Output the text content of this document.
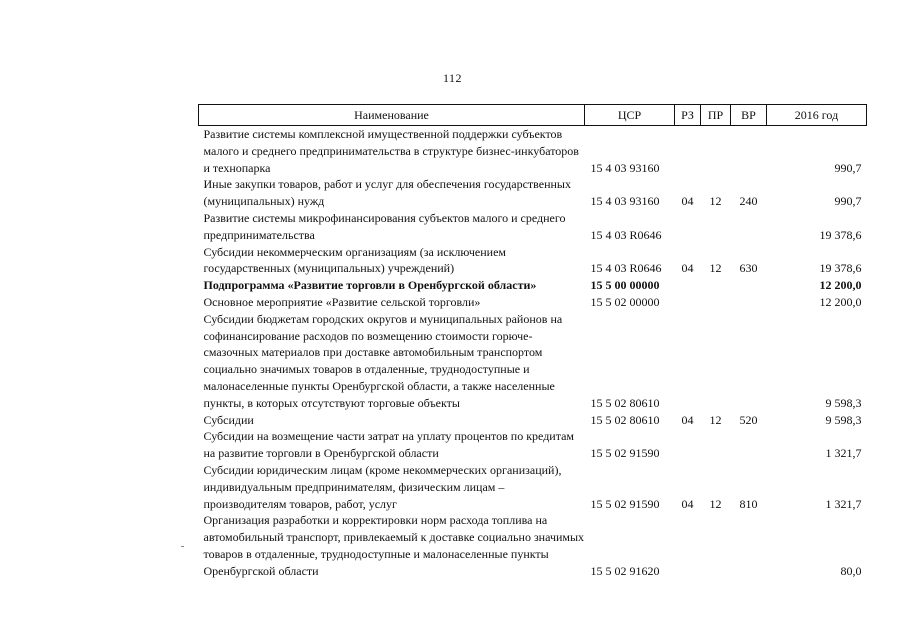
112
Наименование	ЦСР	РЗ	ПР	ВР	2016 год
Развитие системы комплексной имущественной поддержки субъектов малого и среднего предпринимательства в структуре бизнес-инкубаторов и технопарка	15 4 03 93160				990,7
Иные закупки товаров, работ и услуг для обеспечения государственных (муниципальных) нужд	15 4 03 93160	04	12	240	990,7
Развитие системы микрофинансирования субъектов малого и среднего предпринимательства	15 4 03 R0646				19 378,6
Субсидии некоммерческим организациям (за исключением государственных (муниципальных) учреждений)	15 4 03 R0646	04	12	630	19 378,6
Подпрограмма «Развитие торговли в Оренбургской области»	15 5 00 00000				12 200,0
Основное мероприятие «Развитие сельской торговли»	15 5 02 00000				12 200,0
Субсидии бюджетам городских округов и муниципальных районов на софинансирование расходов по возмещению стоимости горюче-смазочных материалов при доставке автомобильным транспортом социально значимых товаров в отдаленные, труднодоступные и малонаселенные пункты Оренбургской области, а также населенные пункты, в которых отсутствуют торговые объекты	15 5 02 80610				9 598,3
Субсидии	15 5 02 80610	04	12	520	9 598,3
Субсидии на возмещение части затрат на уплату процентов по кредитам на развитие торговли в Оренбургской области	15 5 02 91590				1 321,7
Субсидии юридическим лицам (кроме некоммерческих организаций), индивидуальным предпринимателям, физическим лицам – производителям товаров, работ, услуг	15 5 02 91590	04	12	810	1 321,7
Организация разработки и корректировки норм расхода топлива на автомобильный транспорт, привлекаемый к доставке социально значимых товаров в отдаленные, труднодоступные и малонаселенные пункты Оренбургской области	15 5 02 91620				80,0
